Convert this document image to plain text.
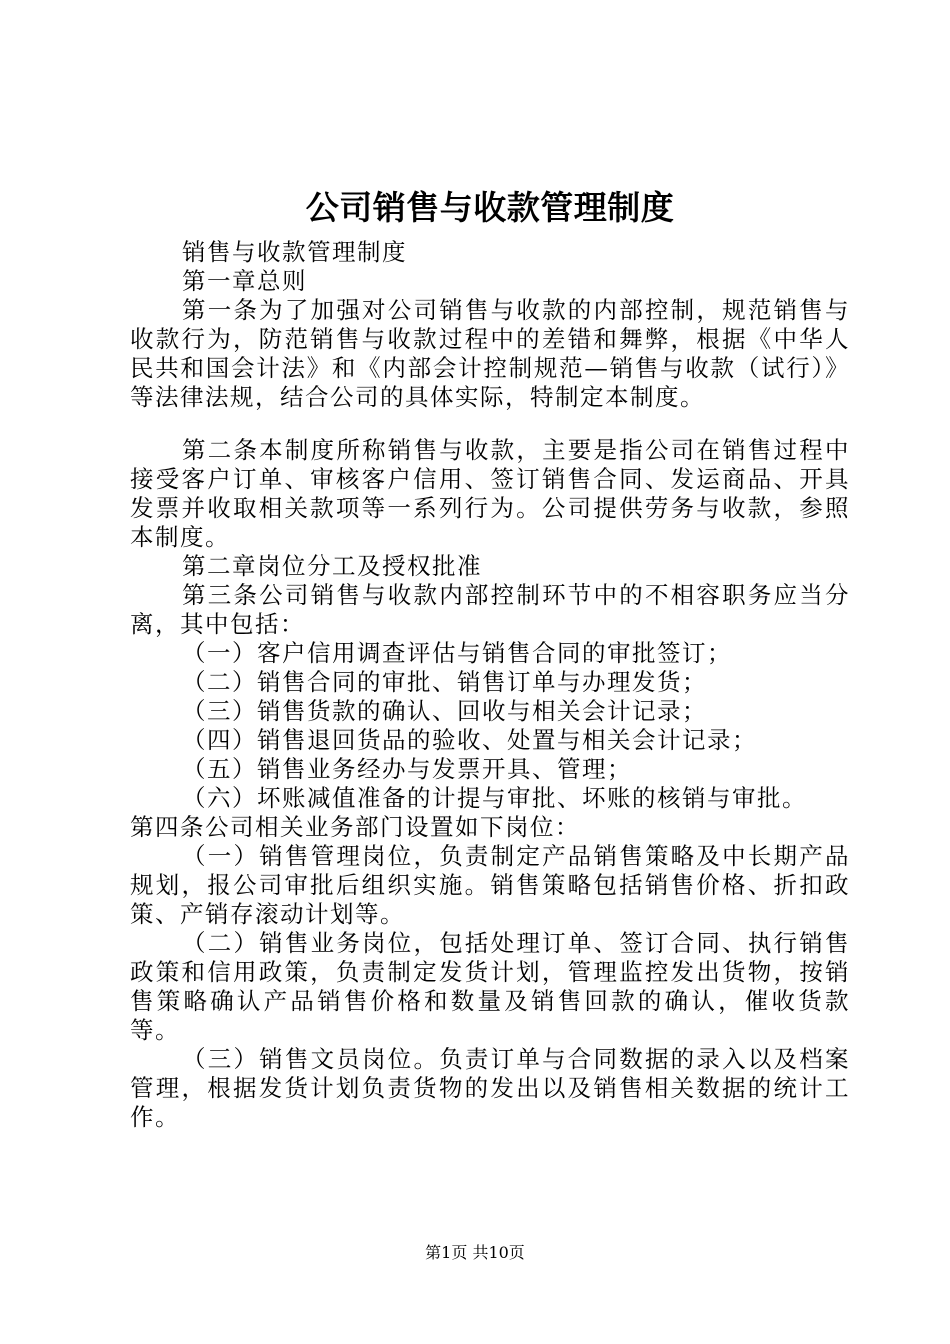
公司销售与收款管理制度

销售与收款管理制度

第一章总则

第一条为了加强对公司销售与收款的内部控制，规范销售与收款行为，防范销售与收款过程中的差错和舞弊，根据《中华人民共和国会计法》和《内部会计控制规范—销售与收款（试行）》等法律法规，结合公司的具体实际，特制定本制度。

第二条本制度所称销售与收款，主要是指公司在销售过程中接受客户订单、审核客户信用、签订销售合同、发运商品、开具发票并收取相关款项等一系列行为。公司提供劳务与收款，参照本制度。

第二章岗位分工及授权批准

第三条公司销售与收款内部控制环节中的不相容职务应当分离，其中包括：

（一）客户信用调查评估与销售合同的审批签订；

（二）销售合同的审批、销售订单与办理发货；

（三）销售货款的确认、回收与相关会计记录；

（四）销售退回货品的验收、处置与相关会计记录；

（五）销售业务经办与发票开具、管理；

（六）坏账减值准备的计提与审批、坏账的核销与审批。

第四条公司相关业务部门设置如下岗位：

（一）销售管理岗位，负责制定产品销售策略及中长期产品规划，报公司审批后组织实施。销售策略包括销售价格、折扣政策、产销存滚动计划等。

（二）销售业务岗位，包括处理订单、签订合同、执行销售政策和信用政策，负责制定发货计划，管理监控发出货物，按销售策略确认产品销售价格和数量及销售回款的确认，催收货款等。

（三）销售文员岗位。负责订单与合同数据的录入以及档案管理，根据发货计划负责货物的发出以及销售相关数据的统计工作。

第1页 共10页
